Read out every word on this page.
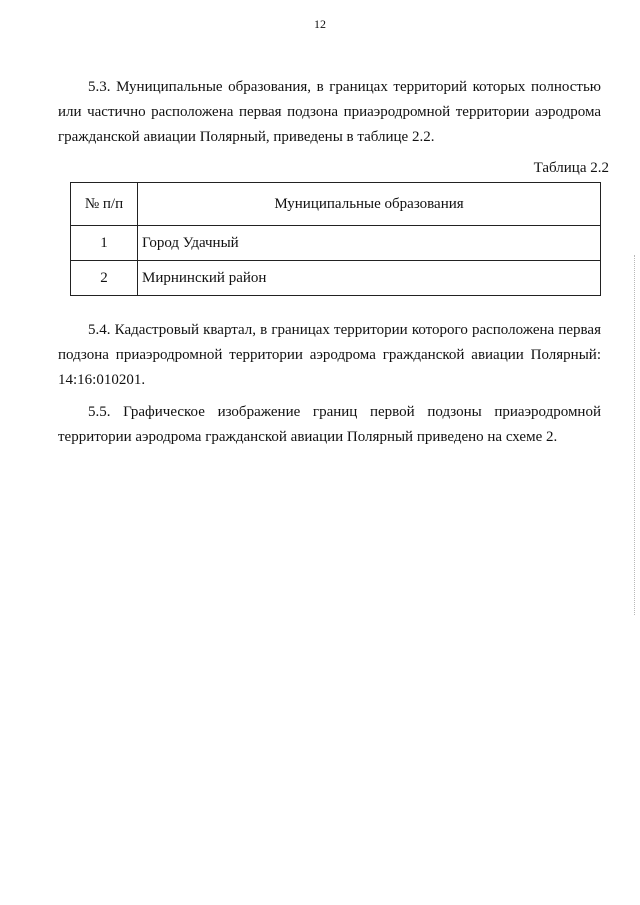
12

5.3. Муниципальные образования, в границах территорий которых полностью или частично расположена первая подзона приаэродромной территории аэродрома гражданской авиации Полярный, приведены в таблице 2.2.

Таблица 2.2
№ п/п	Муниципальные образования
1	Город Удачный
2	Мирнинский район

5.4. Кадастровый квартал, в границах территории которого расположена первая подзона приаэродромной территории аэродрома гражданской авиации Полярный: 14:16:010201.

5.5. Графическое изображение границ первой подзоны приаэродромной территории аэродрома гражданской авиации Полярный приведено на схеме 2.
